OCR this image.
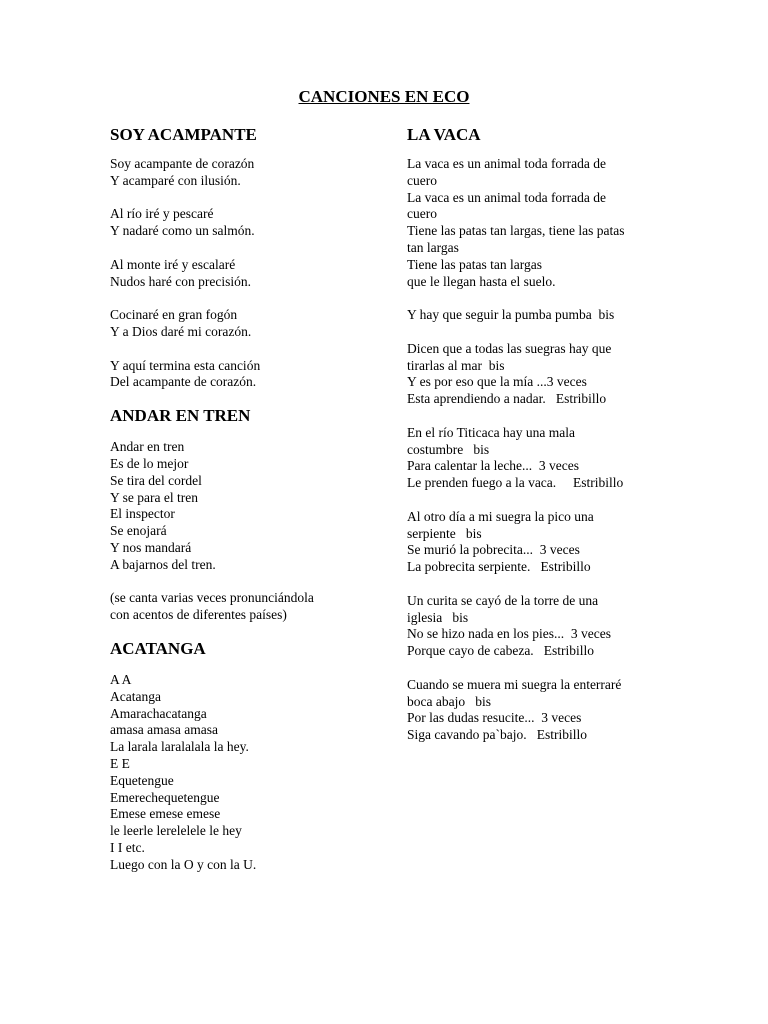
CANCIONES EN ECO
SOY ACAMPANTE
Soy acampante de corazón
Y acamparé con ilusión.
Al río iré y pescaré
Y nadaré como un salmón.
Al monte iré y escalaré
Nudos haré con precisión.
Cocinaré en gran fogón
Y a Dios daré mi corazón.
Y aquí termina esta canción
Del acampante de corazón.
ANDAR EN TREN
Andar en tren
Es de lo mejor
Se tira del cordel
Y se para el tren
El inspector
Se enojará
Y nos mandará
A bajarnos del tren.
(se canta varias veces pronunciándola
con acentos de diferentes países)
ACATANGA
A A
Acatanga
Amarachacatanga
amasa amasa amasa
La larala laralalala la hey.
E E
Equetengue
Emerechequetengue
Emese emese emese
le leerle lerelelele le hey
I I etc.
Luego con la O y con la U.
LA VACA
La vaca es un animal toda forrada de
cuero
La vaca es un animal toda forrada de
cuero
Tiene las patas tan largas, tiene las patas
tan largas
Tiene las patas tan largas
que le llegan hasta el suelo.
Y hay que seguir la pumba pumba  bis
Dicen que a todas las suegras hay que
tirarlas al mar  bis
Y es por eso que la mía ...3 veces
Esta aprendiendo a nadar.   Estribillo
En el río Titicaca hay una mala
costumbre   bis
Para calentar la leche...  3 veces
Le prenden fuego a la vaca.     Estribillo
Al otro día a mi suegra la pico una
serpiente   bis
Se murió la pobrecita...  3 veces
La pobrecita serpiente.   Estribillo
Un curita se cayó de la torre de una
iglesia   bis
No se hizo nada en los pies...  3 veces
Porque cayo de cabeza.   Estribillo
Cuando se muera mi suegra la enterraré
boca abajo   bis
Por las dudas resucite...  3 veces
Siga cavando pa`bajo.   Estribillo
